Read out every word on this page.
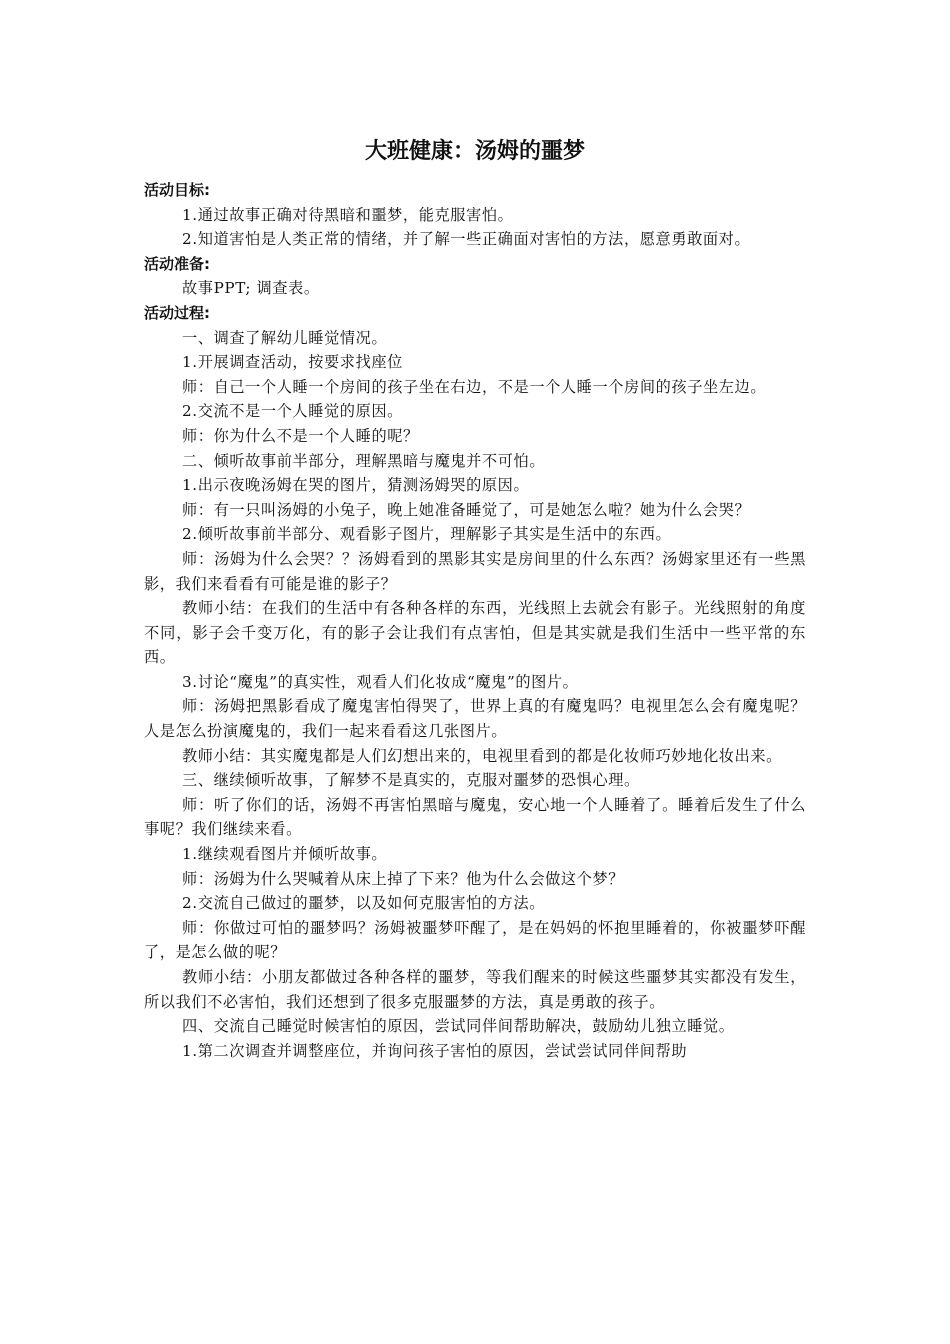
大班健康：汤姆的噩梦

活动目标:

1.通过故事正确对待黑暗和噩梦，能克服害怕。

2.知道害怕是人类正常的情绪，并了解一些正确面对害怕的方法，愿意勇敢面对。

活动准备:

故事PPT; 调查表。

活动过程:

一、调查了解幼儿睡觉情况。

1.开展调查活动，按要求找座位

师：自己一个人睡一个房间的孩子坐在右边，不是一个人睡一个房间的孩子坐左边。

2.交流不是一个人睡觉的原因。

师：你为什么不是一个人睡的呢？

二、倾听故事前半部分，理解黑暗与魔鬼并不可怕。

1.出示夜晚汤姆在哭的图片，猜测汤姆哭的原因。

师：有一只叫汤姆的小兔子，晚上她准备睡觉了，可是她怎么啦？她为什么会哭？

2.倾听故事前半部分、观看影子图片，理解影子其实是生活中的东西。

师：汤姆为什么会哭？？汤姆看到的黑影其实是房间里的什么东西？汤姆家里还有一些黑影，我们来看看有可能是谁的影子？

教师小结：在我们的生活中有各种各样的东西，光线照上去就会有影子。光线照射的角度不同，影子会千变万化，有的影子会让我们有点害怕，但是其实就是我们生活中一些平常的东西。

3.讨论“魔鬼”的真实性，观看人们化妆成“魔鬼”的图片。

师：汤姆把黑影看成了魔鬼害怕得哭了，世界上真的有魔鬼吗？电视里怎么会有魔鬼呢？人是怎么扮演魔鬼的，我们一起来看看这几张图片。

教师小结：其实魔鬼都是人们幻想出来的，电视里看到的都是化妆师巧妙地化妆出来。

三、继续倾听故事，了解梦不是真实的，克服对噩梦的恐惧心理。

师：听了你们的话，汤姆不再害怕黑暗与魔鬼，安心地一个人睡着了。睡着后发生了什么事呢？我们继续来看。

1.继续观看图片并倾听故事。

师：汤姆为什么哭喊着从床上掉了下来？他为什么会做这个梦？

2.交流自己做过的噩梦，以及如何克服害怕的方法。

师：你做过可怕的噩梦吗？汤姆被噩梦吓醒了，是在妈妈的怀抱里睡着的，你被噩梦吓醒了，是怎么做的呢？

教师小结：小朋友都做过各种各样的噩梦，等我们醒来的时候这些噩梦其实都没有发生，所以我们不必害怕，我们还想到了很多克服噩梦的方法，真是勇敢的孩子。

四、交流自己睡觉时候害怕的原因，尝试同伴间帮助解决，鼓励幼儿独立睡觉。

1.第二次调查并调整座位，并询问孩子害怕的原因，尝试尝试同伴间帮助
